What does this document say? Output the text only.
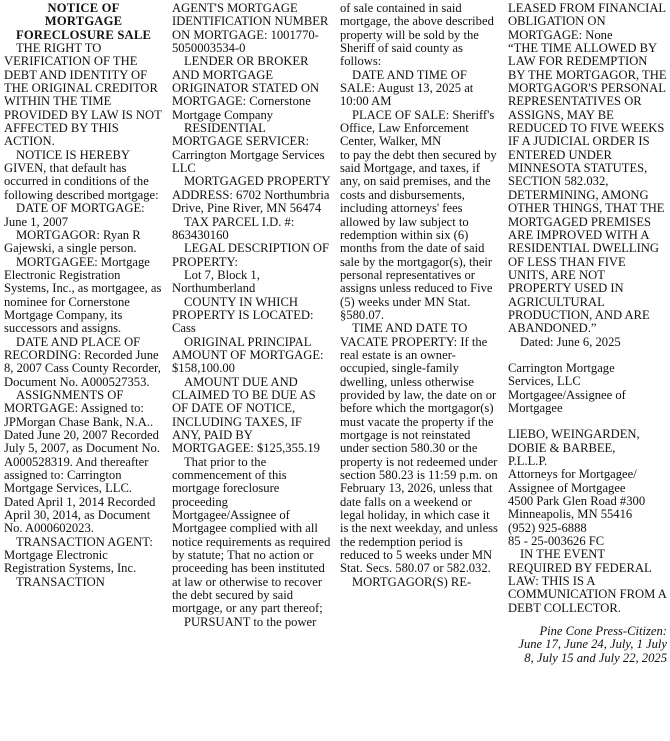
NOTICE OF
MORTGAGE
FORECLOSURE SALE

THE RIGHT TO VERIFICATION OF THE DEBT AND IDENTITY OF THE ORIGINAL CREDITOR WITHIN THE TIME PROVIDED BY LAW IS NOT AFFECTED BY THIS ACTION.

NOTICE IS HEREBY GIVEN, that default has occurred in conditions of the following described mortgage:

DATE OF MORTGAGE: June 1, 2007

MORTGAGOR: Ryan R Gajewski, a single person.

MORTGAGEE: Mortgage Electronic Registration Systems, Inc., as mortgagee, as nominee for Cornerstone Mortgage Company, its successors and assigns.

DATE AND PLACE OF RECORDING: Recorded June 8, 2007 Cass County Recorder, Document No. A000527353.

ASSIGNMENTS OF MORTGAGE: Assigned to: JPMorgan Chase Bank, N.A.. Dated June 20, 2007 Recorded July 5, 2007, as Document No. A000528319. And thereafter assigned to: Carrington Mortgage Services, LLC. Dated April 1, 2014 Recorded April 30, 2014, as Document No. A000602023.

TRANSACTION AGENT: Mortgage Electronic Registration Systems, Inc.

TRANSACTION

AGENT'S MORTGAGE IDENTIFICATION NUMBER ON MORTGAGE: 1001770-5050003534-0

LENDER OR BROKER AND MORTGAGE ORIGINATOR STATED ON MORTGAGE: Cornerstone Mortgage Company

RESIDENTIAL MORTGAGE SERVICER: Carrington Mortgage Services LLC

MORTGAGED PROPERTY ADDRESS: 6702 Northumbria Drive, Pine River, MN 56474

TAX PARCEL I.D. #: 863430160

LEGAL DESCRIPTION OF PROPERTY:

Lot 7, Block 1, Northumberland

COUNTY IN WHICH PROPERTY IS LOCATED: Cass

ORIGINAL PRINCIPAL AMOUNT OF MORTGAGE: $158,100.00

AMOUNT DUE AND CLAIMED TO BE DUE AS OF DATE OF NOTICE, INCLUDING TAXES, IF ANY, PAID BY MORTGAGEE: $125,355.19

That prior to the commencement of this mortgage foreclosure proceeding Mortgagee/Assignee of Mortgagee complied with all notice requirements as required by statute; That no action or proceeding has been instituted at law or otherwise to recover the debt secured by said mortgage, or any part thereof;

PURSUANT to the power

of sale contained in said mortgage, the above described property will be sold by the Sheriff of said county as follows:

DATE AND TIME OF SALE: August 13, 2025 at 10:00 AM

PLACE OF SALE: Sheriff's Office, Law Enforcement Center, Walker, MN

to pay the debt then secured by said Mortgage, and taxes, if any, on said premises, and the costs and disbursements, including attorneys' fees allowed by law subject to redemption within six (6) months from the date of said sale by the mortgagor(s), their personal representatives or assigns unless reduced to Five (5) weeks under MN Stat. §580.07.

TIME AND DATE TO VACATE PROPERTY: If the real estate is an owner-occupied, single-family dwelling, unless otherwise provided by law, the date on or before which the mortgagor(s) must vacate the property if the mortgage is not reinstated under section 580.30 or the property is not redeemed under section 580.23 is 11:59 p.m. on February 13, 2026, unless that date falls on a weekend or legal holiday, in which case it is the next weekday, and unless the redemption period is reduced to 5 weeks under MN Stat. Secs. 580.07 or 582.032.

MORTGAGOR(S) RE-

LEASED FROM FINANCIAL OBLIGATION ON MORTGAGE: None

“THE TIME ALLOWED BY LAW FOR REDEMPTION BY THE MORTGAGOR, THE MORTGAGOR'S PERSONAL REPRESENTATIVES OR ASSIGNS, MAY BE REDUCED TO FIVE WEEKS IF A JUDICIAL ORDER IS ENTERED UNDER MINNESOTA STATUTES, SECTION 582.032, DETERMINING, AMONG OTHER THINGS, THAT THE MORTGAGED PREMISES ARE IMPROVED WITH A RESIDENTIAL DWELLING OF LESS THAN FIVE UNITS, ARE NOT PROPERTY USED IN AGRICULTURAL PRODUCTION, AND ARE ABANDONED.”

Dated: June 6, 2025

Carrington Mortgage
Services, LLC
Mortgagee/Assignee of
Mortgagee
LIEBO, WEINGARDEN,
DOBIE & BARBEE,
P.L.L.P.
Attorneys for Mortgagee/
Assignee of Mortgagee
4500 Park Glen Road #300
Minneapolis, MN 55416
(952) 925-6888
85 - 25-003626 FC

IN THE EVENT REQUIRED BY FEDERAL LAW: THIS IS A COMMUNICATION FROM A DEBT COLLECTOR.

Pine Cone Press-Citizen:
June 17, June 24, July, 1 July
8, July 15 and July 22, 2025
